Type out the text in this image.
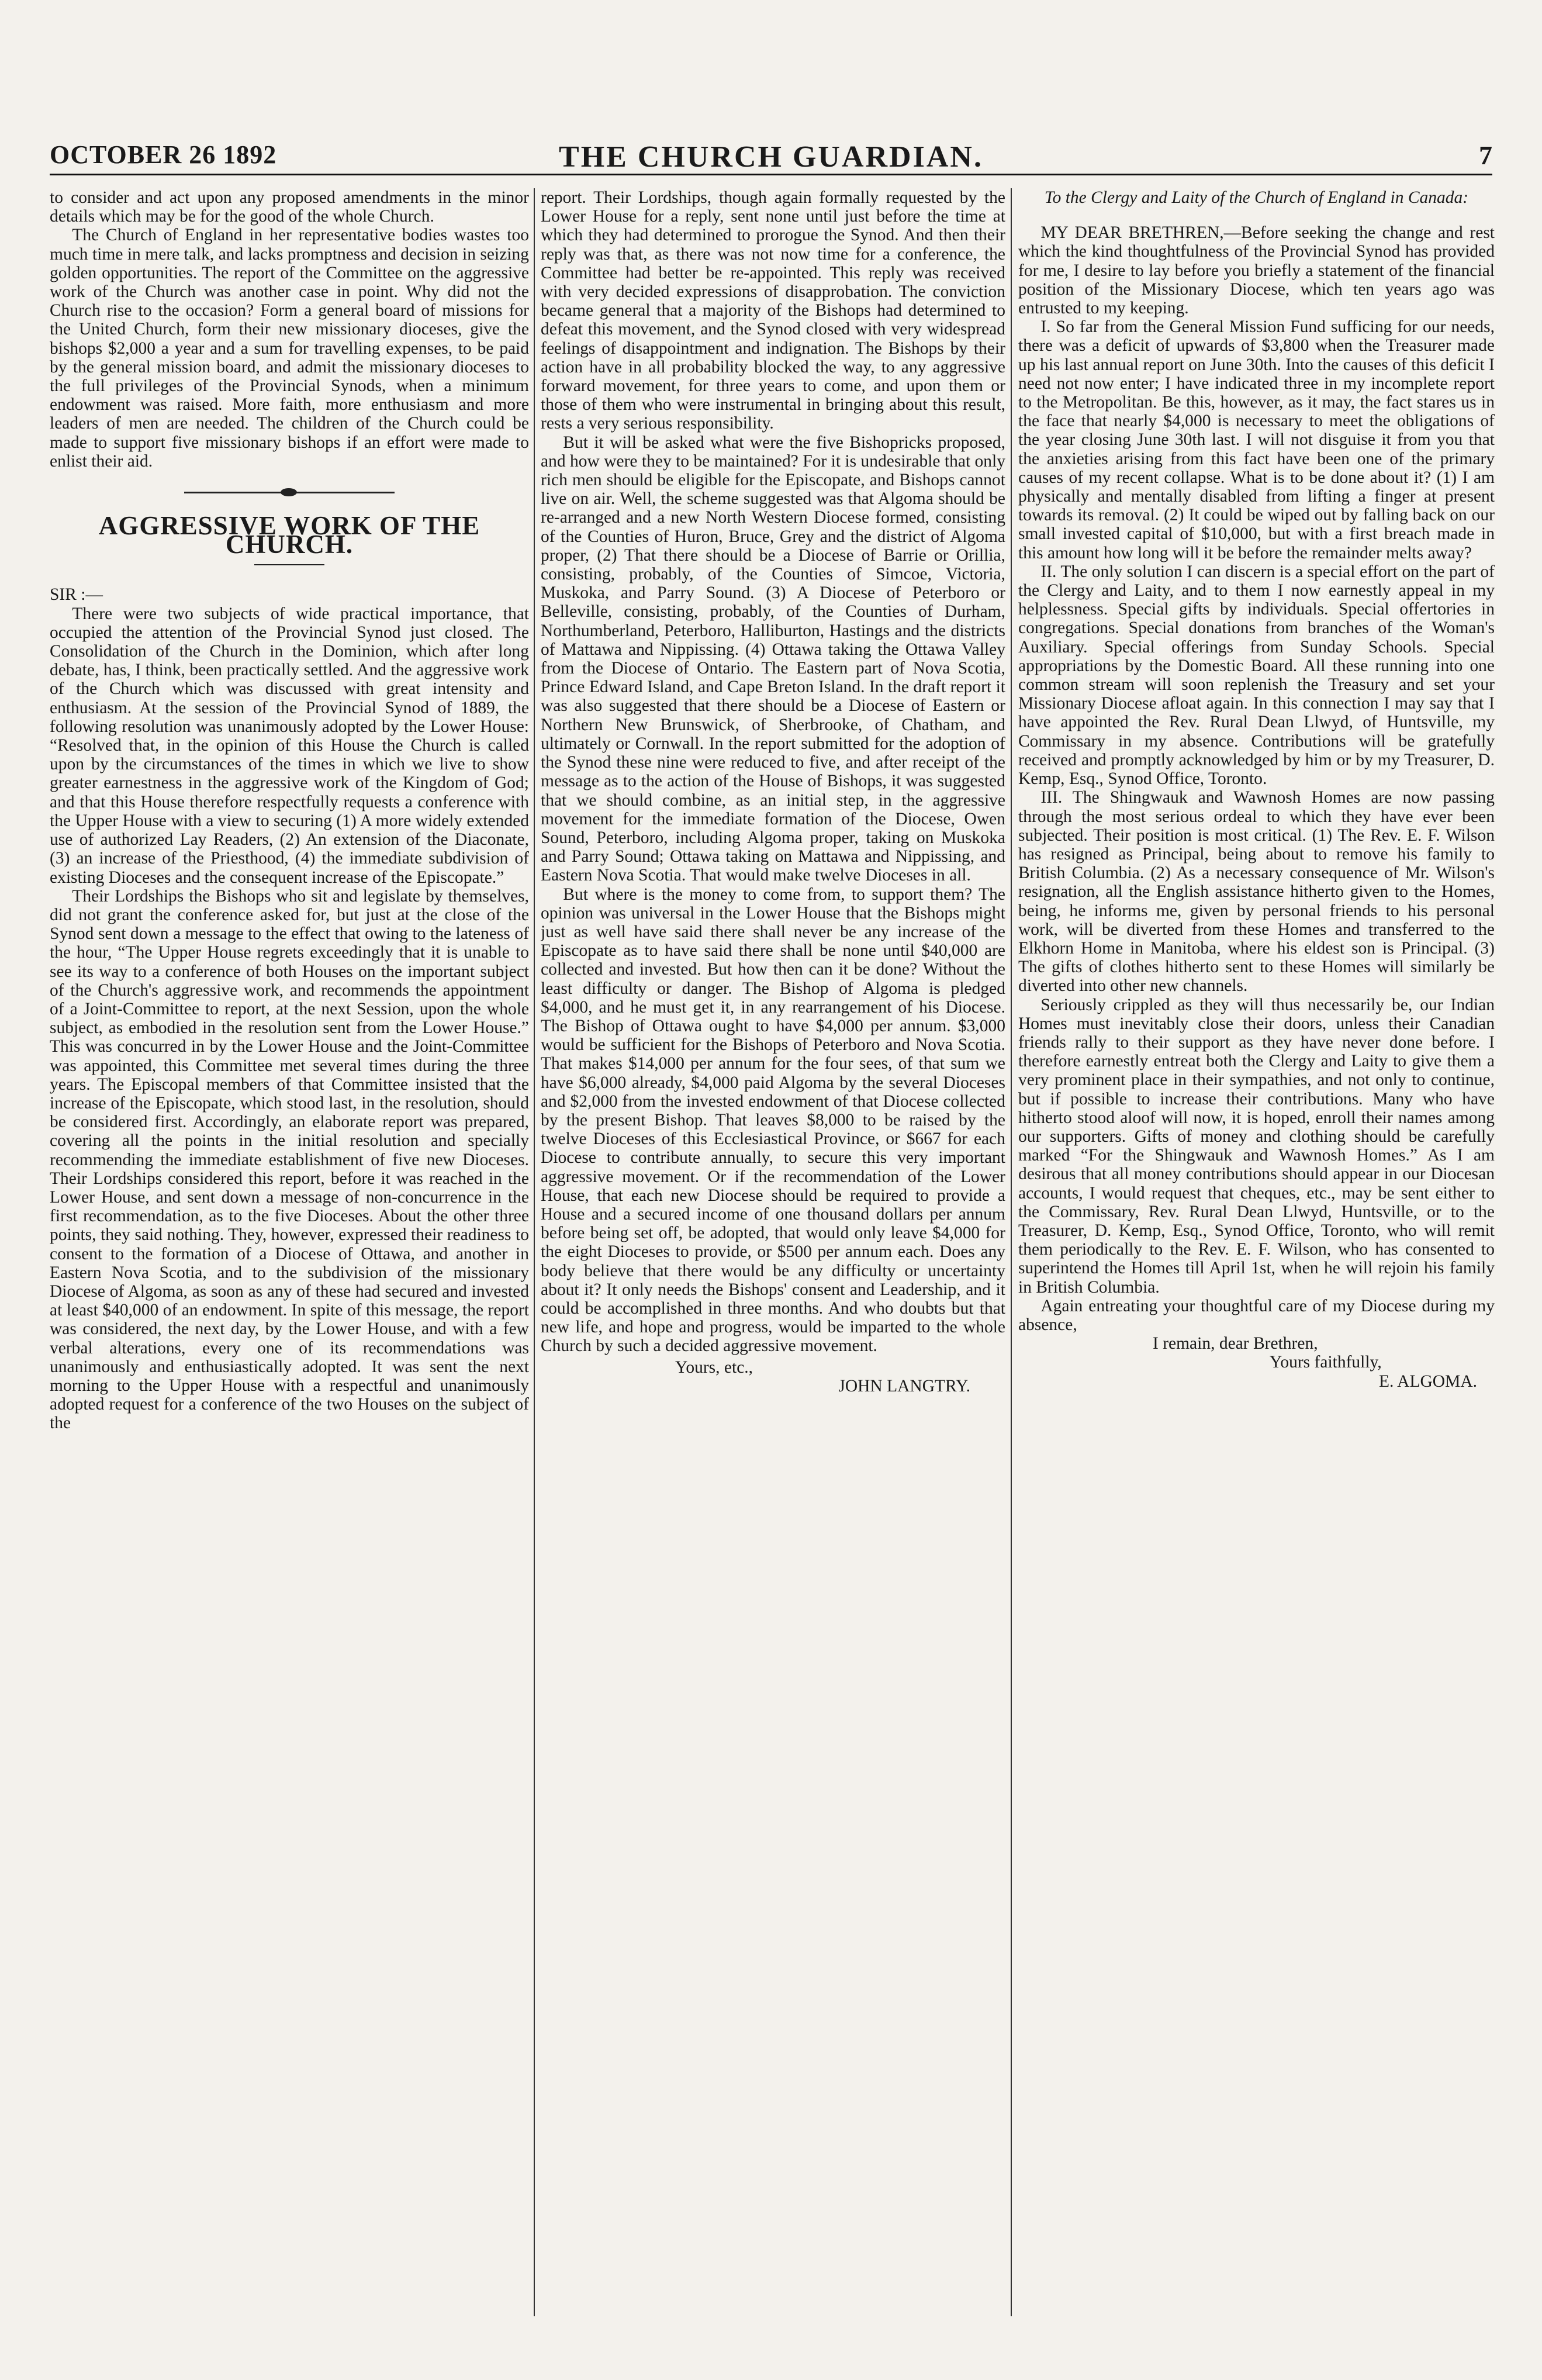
OCTOBER 26 1892	THE CHURCH GUARDIAN.	7

to consider and act upon any proposed amendments in the minor details which may be for the good of the whole Church.

The Church of England in her representative bodies wastes too much time in mere talk, and lacks promptness and decision in seizing golden opportunities. The report of the Committee on the aggressive work of the Church was another case in point. Why did not the Church rise to the occasion? Form a general board of missions for the United Church, form their new missionary dioceses, give the bishops $2,000 a year and a sum for travelling expenses, to be paid by the general mission board, and admit the missionary dioceses to the full privileges of the Provincial Synods, when a minimum endowment was raised. More faith, more enthusiasm and more leaders of men are needed. The children of the Church could be made to support five missionary bishops if an effort were made to enlist their aid.

AGGRESSIVE WORK OF THE CHURCH.

SIR :—

There were two subjects of wide practical importance, that occupied the attention of the Provincial Synod just closed. The Consolidation of the Church in the Dominion, which after long debate, has, I think, been practically settled. And the aggressive work of the Church which was discussed with great intensity and enthusiasm. At the session of the Provincial Synod of 1889, the following resolution was unanimously adopted by the Lower House: “Resolved that, in the opinion of this House the Church is called upon by the circumstances of the times in which we live to show greater earnestness in the aggressive work of the Kingdom of God; and that this House therefore respectfully requests a conference with the Upper House with a view to securing (1) A more widely extended use of authorized Lay Readers, (2) An extension of the Diaconate, (3) an increase of the Priesthood, (4) the immediate subdivision of existing Dioceses and the consequent increase of the Episcopate.”

Their Lordships the Bishops who sit and legislate by themselves, did not grant the conference asked for, but just at the close of the Synod sent down a message to the effect that owing to the lateness of the hour, “The Upper House regrets exceedingly that it is unable to see its way to a conference of both Houses on the important subject of the Church's aggressive work, and recommends the appointment of a Joint-Committee to report, at the next Session, upon the whole subject, as embodied in the resolution sent from the Lower House.” This was concurred in by the Lower House and the Joint-Committee was appointed, this Committee met several times during the three years. The Episcopal members of that Committee insisted that the increase of the Episcopate, which stood last, in the resolution, should be considered first. Accordingly, an elaborate report was prepared, covering all the points in the initial resolution and specially recommending the immediate establishment of five new Dioceses. Their Lordships considered this report, before it was reached in the Lower House, and sent down a message of non-concurrence in the first recommendation, as to the five Dioceses. About the other three points, they said nothing. They, however, expressed their readiness to consent to the formation of a Diocese of Ottawa, and another in Eastern Nova Scotia, and to the subdivision of the missionary Diocese of Algoma, as soon as any of these had secured and invested at least $40,000 of an endowment. In spite of this message, the report was considered, the next day, by the Lower House, and with a few verbal alterations, every one of its recommendations was unanimously and enthusiastically adopted. It was sent the next morning to the Upper House with a respectful and unanimously adopted request for a conference of the two Houses on the subject of the

report. Their Lordships, though again formally requested by the Lower House for a reply, sent none until just before the time at which they had determined to prorogue the Synod. And then their reply was that, as there was not now time for a conference, the Committee had better be re-appointed. This reply was received with very decided expressions of disapprobation. The conviction became general that a majority of the Bishops had determined to defeat this movement, and the Synod closed with very widespread feelings of disappointment and indignation. The Bishops by their action have in all probability blocked the way, to any aggressive forward movement, for three years to come, and upon them or those of them who were instrumental in bringing about this result, rests a very serious responsibility.

But it will be asked what were the five Bishopricks proposed, and how were they to be maintained? For it is undesirable that only rich men should be eligible for the Episcopate, and Bishops cannot live on air. Well, the scheme suggested was that Algoma should be re-arranged and a new North Western Diocese formed, consisting of the Counties of Huron, Bruce, Grey and the district of Algoma proper, (2) That there should be a Diocese of Barrie or Orillia, consisting, probably, of the Counties of Simcoe, Victoria, Muskoka, and Parry Sound. (3) A Diocese of Peterboro or Belleville, consisting, probably, of the Counties of Durham, Northumberland, Peterboro, Halliburton, Hastings and the districts of Mattawa and Nippissing. (4) Ottawa taking the Ottawa Valley from the Diocese of Ontario. The Eastern part of Nova Scotia, Prince Edward Island, and Cape Breton Island. In the draft report it was also suggested that there should be a Diocese of Eastern or Northern New Brunswick, of Sherbrooke, of Chatham, and ultimately or Cornwall. In the report submitted for the adoption of the Synod these nine were reduced to five, and after receipt of the message as to the action of the House of Bishops, it was suggested that we should combine, as an initial step, in the aggressive movement for the immediate formation of the Diocese, Owen Sound, Peterboro, including Algoma proper, taking on Muskoka and Parry Sound; Ottawa taking on Mattawa and Nippissing, and Eastern Nova Scotia. That would make twelve Dioceses in all.

But where is the money to come from, to support them? The opinion was universal in the Lower House that the Bishops might just as well have said there shall never be any increase of the Episcopate as to have said there shall be none until $40,000 are collected and invested. But how then can it be done? Without the least difficulty or danger. The Bishop of Algoma is pledged $4,000, and he must get it, in any rearrangement of his Diocese. The Bishop of Ottawa ought to have $4,000 per annum. $3,000 would be sufficient for the Bishops of Peterboro and Nova Scotia. That makes $14,000 per annum for the four sees, of that sum we have $6,000 already, $4,000 paid Algoma by the several Dioceses and $2,000 from the invested endowment of that Diocese collected by the present Bishop. That leaves $8,000 to be raised by the twelve Dioceses of this Ecclesiastical Province, or $667 for each Diocese to contribute annually, to secure this very important aggressive movement. Or if the recommendation of the Lower House, that each new Diocese should be required to provide a House and a secured income of one thousand dollars per annum before being set off, be adopted, that would only leave $4,000 for the eight Dioceses to provide, or $500 per annum each. Does any body believe that there would be any difficulty or uncertainty about it? It only needs the Bishops' consent and Leadership, and it could be accomplished in three months. And who doubts but that new life, and hope and progress, would be imparted to the whole Church by such a decided aggressive movement.

Yours, etc.,

JOHN LANGTRY.

To the Clergy and Laity of the Church of England in Canada:

MY DEAR BRETHREN,—Before seeking the change and rest which the kind thoughtfulness of the Provincial Synod has provided for me, I desire to lay before you briefly a statement of the financial position of the Missionary Diocese, which ten years ago was entrusted to my keeping.

I. So far from the General Mission Fund sufficing for our needs, there was a deficit of upwards of $3,800 when the Treasurer made up his last annual report on June 30th. Into the causes of this deficit I need not now enter; I have indicated three in my incomplete report to the Metropolitan. Be this, however, as it may, the fact stares us in the face that nearly $4,000 is necessary to meet the obligations of the year closing June 30th last. I will not disguise it from you that the anxieties arising from this fact have been one of the primary causes of my recent collapse. What is to be done about it? (1) I am physically and mentally disabled from lifting a finger at present towards its removal. (2) It could be wiped out by falling back on our small invested capital of $10,000, but with a first breach made in this amount how long will it be before the remainder melts away?

II. The only solution I can discern is a special effort on the part of the Clergy and Laity, and to them I now earnestly appeal in my helplessness. Special gifts by individuals. Special offertories in congregations. Special donations from branches of the Woman's Auxiliary. Special offerings from Sunday Schools. Special appropriations by the Domestic Board. All these running into one common stream will soon replenish the Treasury and set your Missionary Diocese afloat again. In this connection I may say that I have appointed the Rev. Rural Dean Llwyd, of Huntsville, my Commissary in my absence. Contributions will be gratefully received and promptly acknowledged by him or by my Treasurer, D. Kemp, Esq., Synod Office, Toronto.

III. The Shingwauk and Wawnosh Homes are now passing through the most serious ordeal to which they have ever been subjected. Their position is most critical. (1) The Rev. E. F. Wilson has resigned as Principal, being about to remove his family to British Columbia. (2) As a necessary consequence of Mr. Wilson's resignation, all the English assistance hitherto given to the Homes, being, he informs me, given by personal friends to his personal work, will be diverted from these Homes and transferred to the Elkhorn Home in Manitoba, where his eldest son is Principal. (3) The gifts of clothes hitherto sent to these Homes will similarly be diverted into other new channels.

Seriously crippled as they will thus necessarily be, our Indian Homes must inevitably close their doors, unless their Canadian friends rally to their support as they have never done before. I therefore earnestly entreat both the Clergy and Laity to give them a very prominent place in their sympathies, and not only to continue, but if possible to increase their contributions. Many who have hitherto stood aloof will now, it is hoped, enroll their names among our supporters. Gifts of money and clothing should be carefully marked “For the Shingwauk and Wawnosh Homes.” As I am desirous that all money contributions should appear in our Diocesan accounts, I would request that cheques, etc., may be sent either to the Commissary, Rev. Rural Dean Llwyd, Huntsville, or to the Treasurer, D. Kemp, Esq., Synod Office, Toronto, who will remit them periodically to the Rev. E. F. Wilson, who has consented to superintend the Homes till April 1st, when he will rejoin his family in British Columbia.

Again entreating your thoughtful care of my Diocese during my absence,

I remain, dear Brethren,

Yours faithfully,

E. ALGOMA.
